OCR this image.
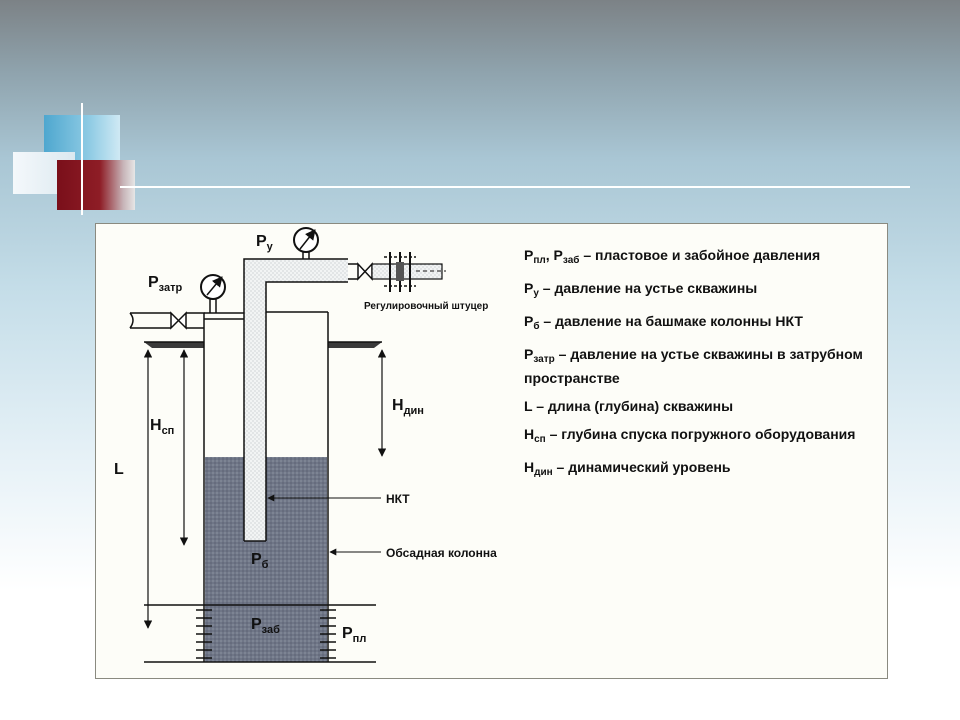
$P_у$
$P_{затр}$
Регулировочный штуцер
$H_{дин}$
$H_{сп}$
L
НКТ
Обсадная колонна
$P_б$
$P_{заб}$	$P_{пл}$
$P_{пл}$, $P_{заб}$ – пластовое и забойное давления
$P_у$ – давление на устье скважины
$P_б$ – давление на башмаке колонны НКТ
$P_{затр}$ – давление на устье скважины в затрубном пространстве
L – длина (глубина) скважины
$H_{сп}$ – глубина спуска погружного оборудования
$H_{дин}$ – динамический уровень
